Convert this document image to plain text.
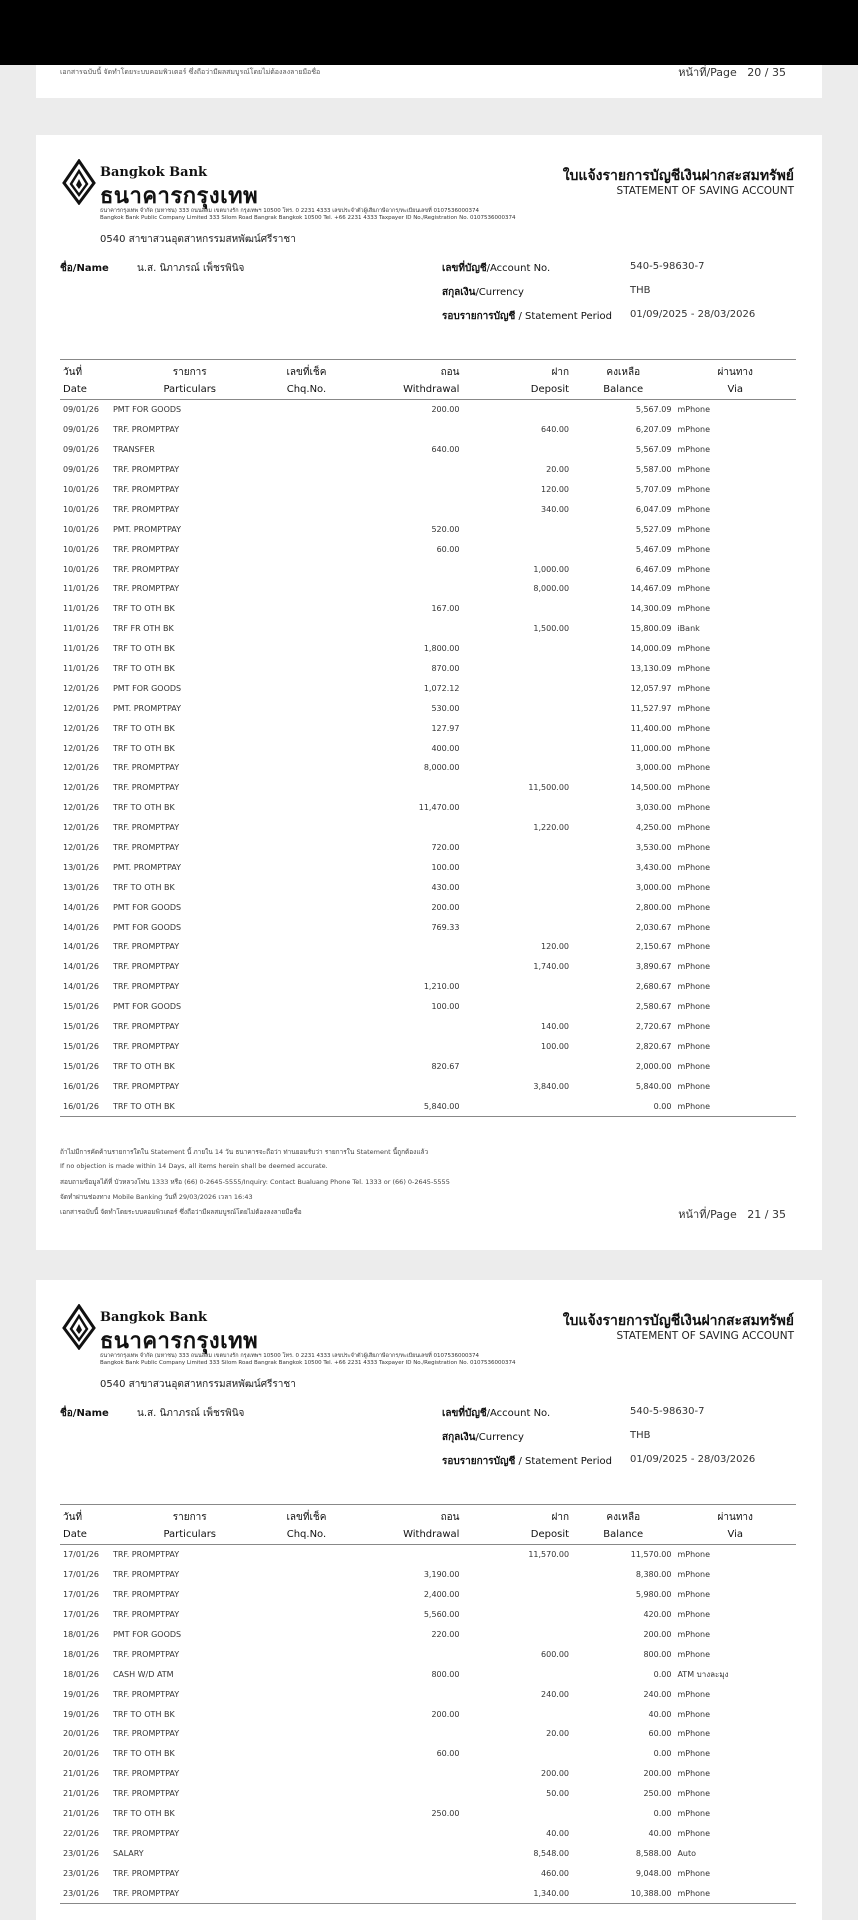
เอกสารฉบับนี้ จัดทำโดยระบบคอมพิวเตอร์ ซึ่งถือว่ามีผลสมบูรณ์โดยไม่ต้องลงลายมือชื่อ	หน้าที่/Page 20 / 35
Bangkok Bank
ธนาคารกรุงเทพ
ธนาคารกรุงเทพ จำกัด (มหาชน) 333 ถนนสีลม เขตบางรัก กรุงเทพฯ 10500 โทร. 0 2231 4333 เลขประจำตัวผู้เสียภาษีอากร/ทะเบียนเลขที่ 0107536000374
Bangkok Bank Public Company Limited 333 Silom Road Bangrak Bangkok 10500 Tel. +66 2231 4333 Taxpayer ID No./Registration No. 0107536000374
ใบแจ้งรายการบัญชีเงินฝากสะสมทรัพย์
STATEMENT OF SAVING ACCOUNT
0540 สาขาสวนอุตสาหกรรมสหพัฒน์ศรีราชา
ชื่อ/Name	น.ส. นิภาภรณ์ เพ็ชรพินิจ	เลขที่บัญชี/Account No.	540-5-98630-7
สกุลเงิน/Currency	THB
รอบรายการบัญชี / Statement Period 01/09/2025 - 28/03/2026
วันที่	รายการ	เลขที่เช็ค	ถอน	ฝาก	คงเหลือ	ผ่านทาง
Date	Particulars	Chq.No.	Withdrawal	Deposit	Balance	Via
09/01/26	PMT FOR GOODS		200.00		5,567.09	mPhone
09/01/26	TRF. PROMPTPAY			640.00	6,207.09	mPhone
09/01/26	TRANSFER		640.00		5,567.09	mPhone
09/01/26	TRF. PROMPTPAY			20.00	5,587.00	mPhone
10/01/26	TRF. PROMPTPAY			120.00	5,707.09	mPhone
10/01/26	TRF. PROMPTPAY			340.00	6,047.09	mPhone
10/01/26	PMT. PROMPTPAY		520.00		5,527.09	mPhone
10/01/26	TRF. PROMPTPAY		60.00		5,467.09	mPhone
10/01/26	TRF. PROMPTPAY			1,000.00	6,467.09	mPhone
11/01/26	TRF. PROMPTPAY			8,000.00	14,467.09	mPhone
11/01/26	TRF TO OTH BK		167.00		14,300.09	mPhone
11/01/26	TRF FR OTH BK			1,500.00	15,800.09	iBank
11/01/26	TRF TO OTH BK		1,800.00		14,000.09	mPhone
11/01/26	TRF TO OTH BK		870.00		13,130.09	mPhone
12/01/26	PMT FOR GOODS		1,072.12		12,057.97	mPhone
12/01/26	PMT. PROMPTPAY		530.00		11,527.97	mPhone
12/01/26	TRF TO OTH BK		127.97		11,400.00	mPhone
12/01/26	TRF TO OTH BK		400.00		11,000.00	mPhone
12/01/26	TRF. PROMPTPAY		8,000.00		3,000.00	mPhone
12/01/26	TRF. PROMPTPAY			11,500.00	14,500.00	mPhone
12/01/26	TRF TO OTH BK		11,470.00		3,030.00	mPhone
12/01/26	TRF. PROMPTPAY			1,220.00	4,250.00	mPhone
12/01/26	TRF. PROMPTPAY		720.00		3,530.00	mPhone
13/01/26	PMT. PROMPTPAY		100.00		3,430.00	mPhone
13/01/26	TRF TO OTH BK		430.00		3,000.00	mPhone
14/01/26	PMT FOR GOODS		200.00		2,800.00	mPhone
14/01/26	PMT FOR GOODS		769.33		2,030.67	mPhone
14/01/26	TRF. PROMPTPAY			120.00	2,150.67	mPhone
14/01/26	TRF. PROMPTPAY			1,740.00	3,890.67	mPhone
14/01/26	TRF. PROMPTPAY		1,210.00		2,680.67	mPhone
15/01/26	PMT FOR GOODS		100.00		2,580.67	mPhone
15/01/26	TRF. PROMPTPAY			140.00	2,720.67	mPhone
15/01/26	TRF. PROMPTPAY			100.00	2,820.67	mPhone
15/01/26	TRF TO OTH BK		820.67		2,000.00	mPhone
16/01/26	TRF. PROMPTPAY			3,840.00	5,840.00	mPhone
16/01/26	TRF TO OTH BK		5,840.00		0.00	mPhone
ถ้าไม่มีการคัดค้านรายการใดใน Statement นี้ ภายใน 14 วัน ธนาคารจะถือว่า ท่านยอมรับว่า รายการใน Statement นี้ถูกต้องแล้ว
If no objection is made within 14 Days, all items herein shall be deemed accurate.
สอบถามข้อมูลได้ที่ บัวหลวงโฟน 1333 หรือ (66) 0-2645-5555/Inquiry: Contact Bualuang Phone Tel. 1333 or (66) 0-2645-5555
จัดทำผ่านช่องทาง Mobile Banking วันที่ 29/03/2026 เวลา 16:43
เอกสารฉบับนี้ จัดทำโดยระบบคอมพิวเตอร์ ซึ่งถือว่ามีผลสมบูรณ์โดยไม่ต้องลงลายมือชื่อ	หน้าที่/Page 21 / 35
Bangkok Bank
ธนาคารกรุงเทพ
ธนาคารกรุงเทพ จำกัด (มหาชน) 333 ถนนสีลม เขตบางรัก กรุงเทพฯ 10500 โทร. 0 2231 4333 เลขประจำตัวผู้เสียภาษีอากร/ทะเบียนเลขที่ 0107536000374
Bangkok Bank Public Company Limited 333 Silom Road Bangrak Bangkok 10500 Tel. +66 2231 4333 Taxpayer ID No./Registration No. 0107536000374
ใบแจ้งรายการบัญชีเงินฝากสะสมทรัพย์
STATEMENT OF SAVING ACCOUNT
0540 สาขาสวนอุตสาหกรรมสหพัฒน์ศรีราชา
ชื่อ/Name	น.ส. นิภาภรณ์ เพ็ชรพินิจ	เลขที่บัญชี/Account No.	540-5-98630-7
สกุลเงิน/Currency	THB
รอบรายการบัญชี / Statement Period 01/09/2025 - 28/03/2026
วันที่	รายการ	เลขที่เช็ค	ถอน	ฝาก	คงเหลือ	ผ่านทาง
Date	Particulars	Chq.No.	Withdrawal	Deposit	Balance	Via
17/01/26	TRF. PROMPTPAY			11,570.00	11,570.00	mPhone
17/01/26	TRF. PROMPTPAY		3,190.00		8,380.00	mPhone
17/01/26	TRF. PROMPTPAY		2,400.00		5,980.00	mPhone
17/01/26	TRF. PROMPTPAY		5,560.00		420.00	mPhone
18/01/26	PMT FOR GOODS		220.00		200.00	mPhone
18/01/26	TRF. PROMPTPAY			600.00	800.00	mPhone
18/01/26	CASH W/D ATM		800.00		0.00	ATM บางละมุง
19/01/26	TRF. PROMPTPAY			240.00	240.00	mPhone
19/01/26	TRF TO OTH BK		200.00		40.00	mPhone
20/01/26	TRF. PROMPTPAY			20.00	60.00	mPhone
20/01/26	TRF TO OTH BK		60.00		0.00	mPhone
21/01/26	TRF. PROMPTPAY			200.00	200.00	mPhone
21/01/26	TRF. PROMPTPAY			50.00	250.00	mPhone
21/01/26	TRF TO OTH BK		250.00		0.00	mPhone
22/01/26	TRF. PROMPTPAY			40.00	40.00	mPhone
23/01/26	SALARY			8,548.00	8,588.00	Auto
23/01/26	TRF. PROMPTPAY			460.00	9,048.00	mPhone
23/01/26	TRF. PROMPTPAY			1,340.00	10,388.00	mPhone
